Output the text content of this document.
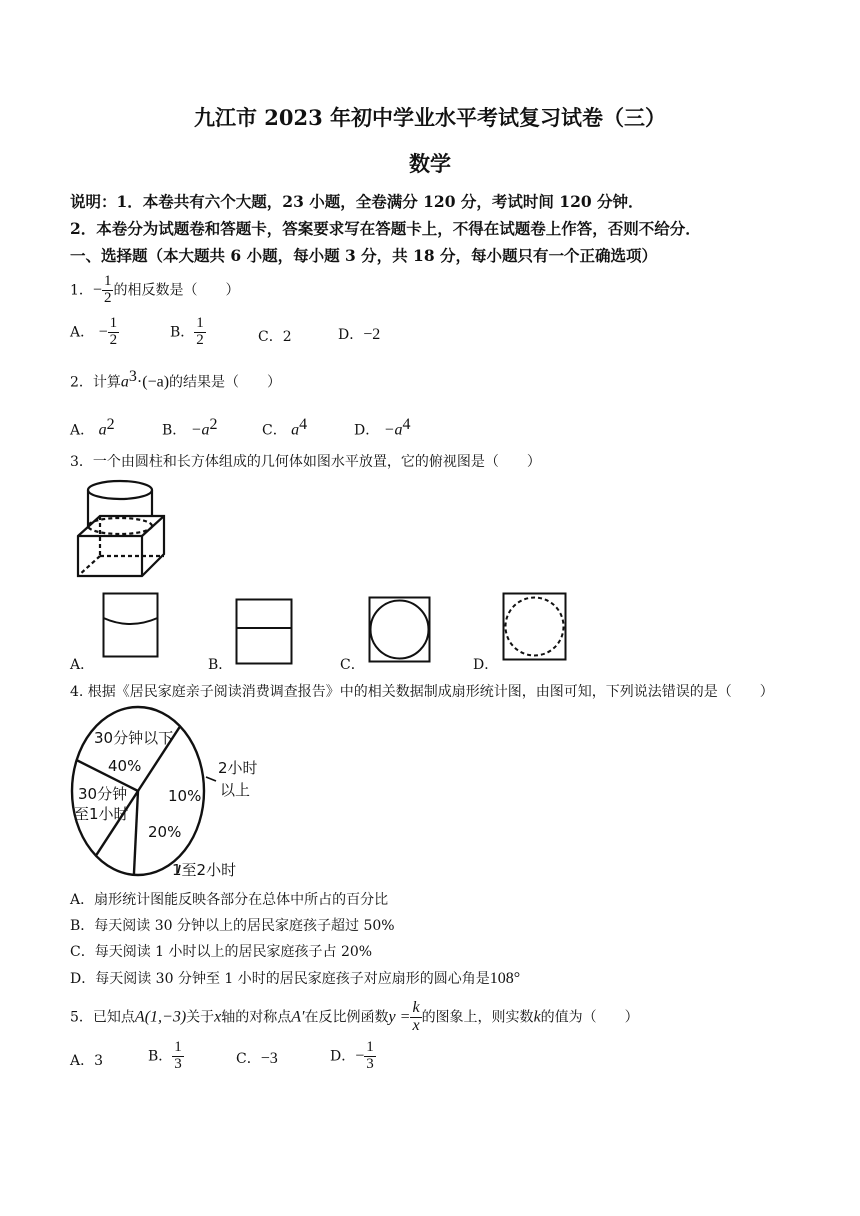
九江市 2023 年初中学业水平考试复习试卷（三）
数学
说明：1．本卷共有六个大题，23 小题，全卷满分 120 分，考试时间 120 分钟．
2．本卷分为试题卷和答题卡，答案要求写在答题卡上，不得在试题卷上作答，否则不给分．
一、选择题（本大题共 6 小题，每小题 3 分，共 18 分，每小题只有一个正确选项）
1．− $\frac{1}{2}$ 的相反数是（　　）
A． − $\frac{1}{2}$	B． $\frac{1}{2}$	C．2	D．−2
2．计算$a^3\cdot(-a)$的结果是（　　）
A． $a^2$	B． $-a^2$	C． $a^4$	D． $-a^4$
3．一个由圆柱和长方体组成的几何体如图水平放置，它的俯视图是（　　）
A．	B．	C．	D．
4. 根据《居民家庭亲子阅读消费调查报告》中的相关数据制成扇形统计图，由图可知，下列说法错误的是（　　）
30分钟以下
40%	2小时
以上
10%
20%
1至2小时
30分钟
至1小时
A．扇形统计图能反映各部分在总体中所占的百分比
B．每天阅读 30 分钟以上的居民家庭孩子超过 50%
C．每天阅读 1 小时以上的居民家庭孩子占 20%
D．每天阅读 30 分钟至 1 小时的居民家庭孩子对应扇形的圆心角是108°
5．已知点A(1,−3)关于x轴的对称点A′在反比例函数$y = \frac{k}{x}$ 的图象上，则实数k的值为（　　）
A．3	B． $\frac{1}{3}$	C．−3	D．− $\frac{1}{3}$
